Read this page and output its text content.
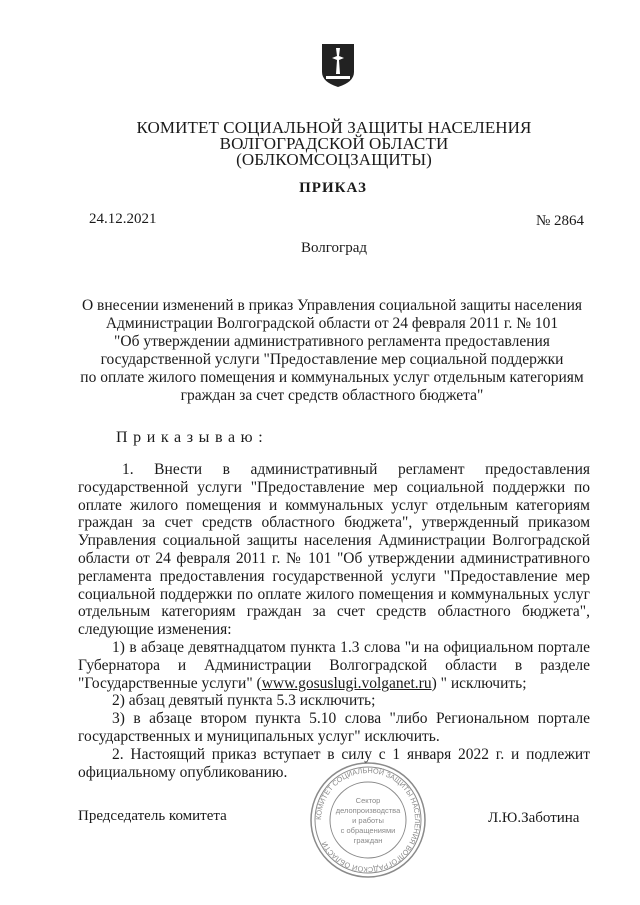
КОМИТЕТ СОЦИАЛЬНОЙ ЗАЩИТЫ НАСЕЛЕНИЯ
ВОЛГОГРАДСКОЙ ОБЛАСТИ
(ОБЛКОМСОЦЗАЩИТЫ)
ПРИКАЗ
24.12.2021	№ 2864
Волгоград
О внесении изменений в приказ Управления социальной защиты населения
Администрации Волгоградской области от 24 февраля 2011 г. № 101
"Об утверждении административного регламента предоставления
государственной услуги "Предоставление мер социальной поддержки
по оплате жилого помещения и коммунальных услуг отдельным категориям
граждан за счет средств областного бюджета"
Приказываю:

1. Внести в административный регламент предоставления государственной услуги "Предоставление мер социальной поддержки по оплате жилого помещения и коммунальных услуг отдельным категориям граждан за счет средств областного бюджета", утвержденный приказом Управления социальной защиты населения Администрации Волгоградской области от 24 февраля 2011 г. № 101 "Об утверждении административного регламента предоставления государственной услуги "Предоставление мер социальной поддержки по оплате жилого помещения и коммунальных услуг отдельным категориям граждан за счет средств областного бюджета", следующие изменения:

1) в абзаце девятнадцатом пункта 1.3 слова "и на официальном портале Губернатора и Администрации Волгоградской области в разделе "Государственные услуги" (www.gosuslugi.volganet.ru) " исключить;

2) абзац девятый пункта 5.3 исключить;

3) в абзаце втором пункта 5.10 слова "либо Региональном портале государственных и муниципальных услуг" исключить.

2. Настоящий приказ вступает в силу с 1 января 2022 г. и подлежит официальному опубликованию.

Председатель комитета	Л.Ю.Заботина
КОМИТЕТ СОЦИАЛЬНОЙ ЗАЩИТЫ НАСЕЛЕНИЯ ВОЛГОГРАДСКОЙ ОБЛАСТИ
Сектор
делопроизводства
и работы
с обращениями
граждан
